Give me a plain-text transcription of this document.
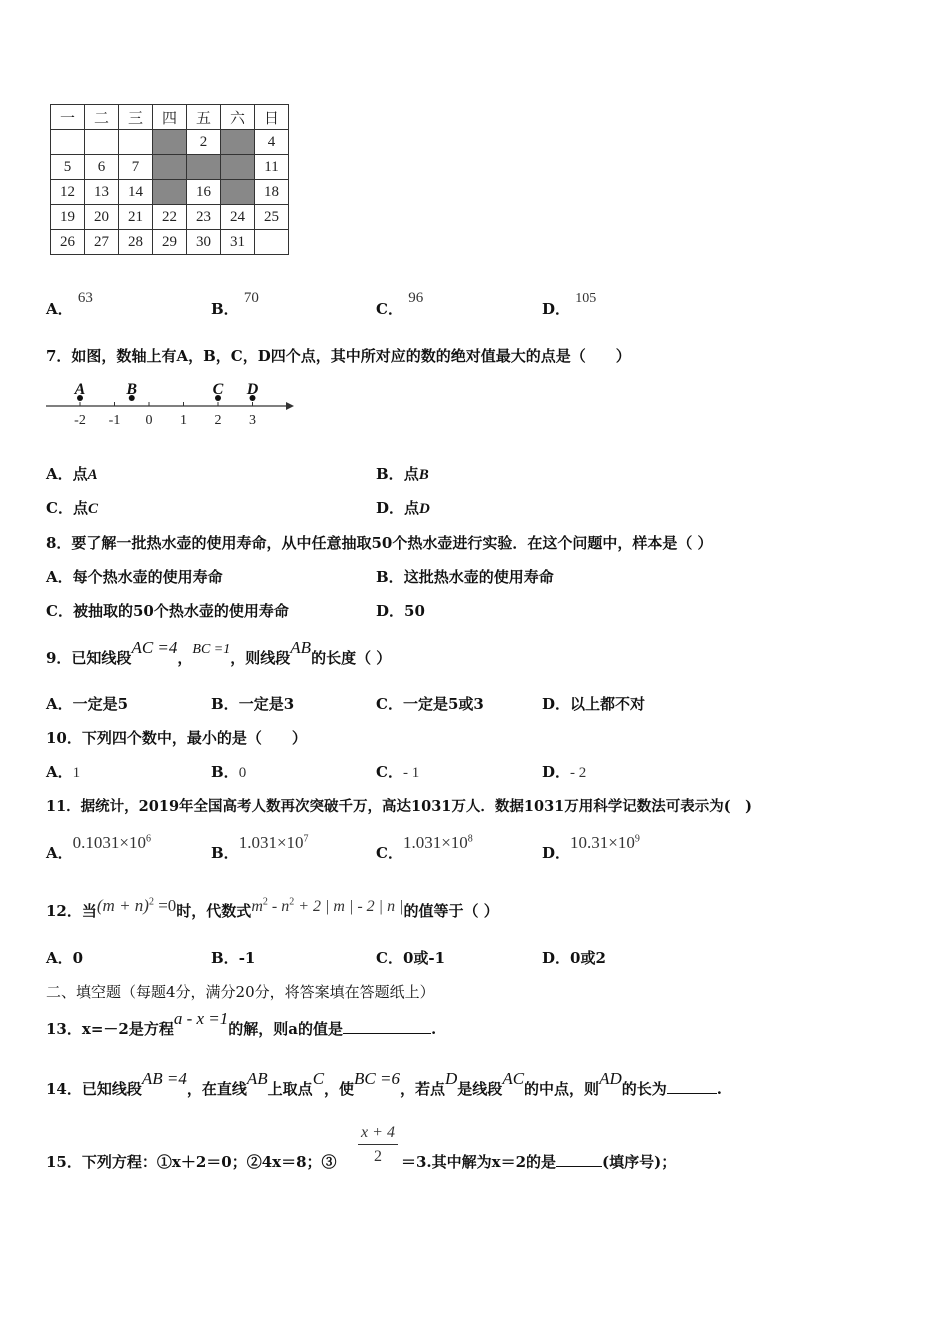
一	二	三	四	五	六	日
				2		4
5	6	7				11
12	13	14		16		18
19	20	21	22	23	24	25
26	27	28	29	30	31	
A． 63
B． 70
C． 96
D． 105
7．如图，数轴上有A，B，C，D四个点，其中所对应的数的绝对值最大的点是（　　）
-2 -1 0 1 2 3
A	B	C D
A．点A	B．点B
C．点C	D．点D
8．要了解一批热水壶的使用寿命，从中任意抽取50个热水壶进行实验．在这个问题中，样本是（ ）
A．每个热水壶的使用寿命	B．这批热水壶的使用寿命
C．被抽取的50个热水壶的使用寿命	D．50
9．已知线段AC =4，BC =1，则线段AB的长度（ ）
A．一定是5	B．一定是3	C．一定是5或3	D．以上都不对
10．下列四个数中，最小的是（　　）
A．1	B．0	C．- 1	D．- 2
11．据统计，2019年全国高考人数再次突破千万，高达1031万人．数据1031万用科学记数法可表示为(　)
A．$0.1031\times 10^6$
B．$1.031\times 10^7$
C．$1.031\times 10^8$
D．$10.31\times 10^9$
12．当$(m + n)^2 =0$时，代数式$m^2 - n^2 + 2$ | m | - 2 | n |的值等于（ ）
A．0	B．-1	C．0或-1	D．0或2
二、填空题（每题4分，满分20分，将答案填在答题纸上）
13．x=－2是方程a - x =1的解，则a的值是	.
14．已知线段AB =4，在直线AB上取点C，使BC =6，若点D是线段AC的中点，则AD的长为	.
15．下列方程：①x＋2＝0；②4x＝8；③ $\frac{x + 4}{2} =3$.其中解为x＝2的是	(填序号)；
